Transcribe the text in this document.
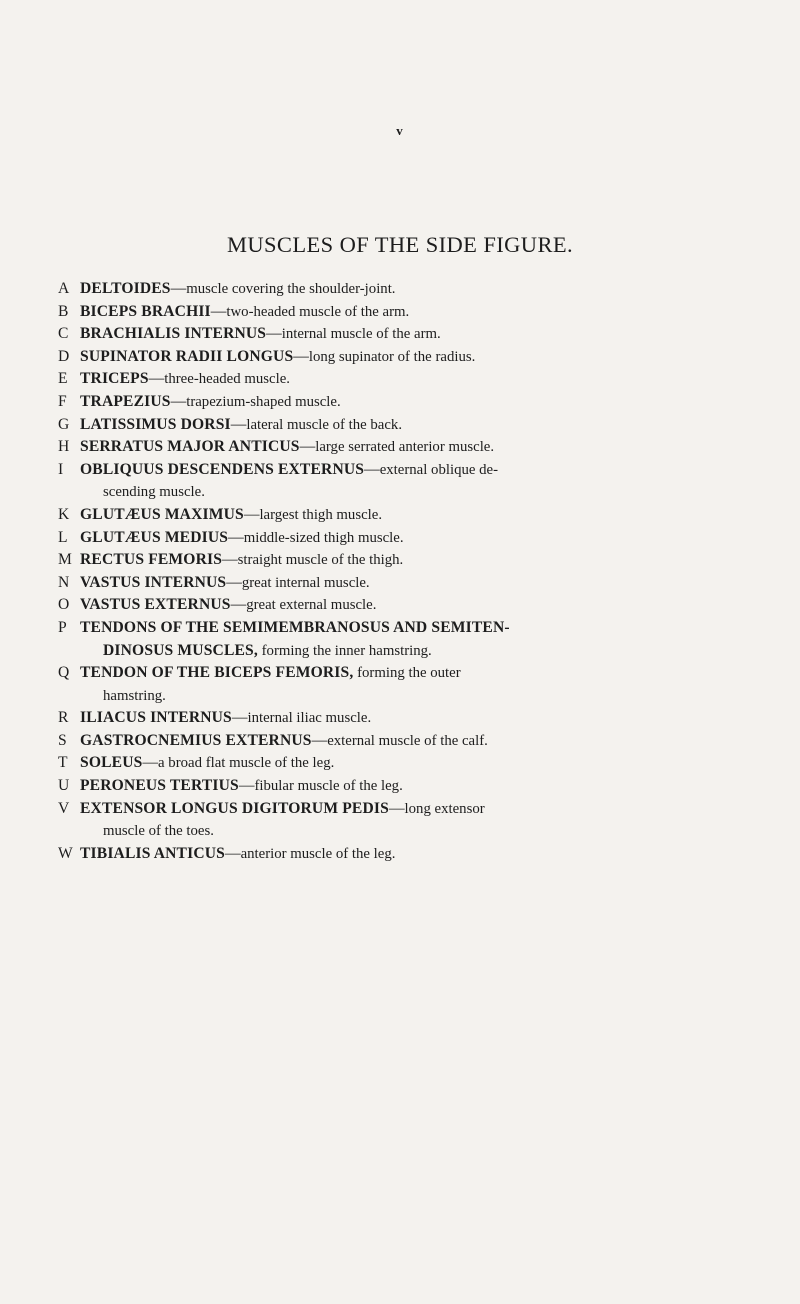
v
MUSCLES OF THE SIDE FIGURE.
A DELTOIDES—muscle covering the shoulder-joint.
B BICEPS BRACHII—two-headed muscle of the arm.
C BRACHIALIS INTERNUS—internal muscle of the arm.
D SUPINATOR RADII LONGUS—long supinator of the radius.
E TRICEPS—three-headed muscle.
F TRAPEZIUS—trapezium-shaped muscle.
G LATISSIMUS DORSI—lateral muscle of the back.
H SERRATUS MAJOR ANTICUS—large serrated anterior muscle.
I	OBLIQUUS DESCENDENS EXTERNUS—external oblique de-
scending muscle.
K GLUTÆUS MAXIMUS—largest thigh muscle.
L GLUTÆUS MEDIUS—middle-sized thigh muscle.
M RECTUS FEMORIS—straight muscle of the thigh.
N VASTUS INTERNUS—great internal muscle.
O VASTUS EXTERNUS—great external muscle.
P TENDONS OF THE SEMIMEMBRANOSUS AND SEMITEN-
DINOSUS MUSCLES, forming the inner hamstring.
Q TENDON OF THE BICEPS FEMORIS, forming the outer
hamstring.
R ILIACUS INTERNUS—internal iliac muscle.
S GASTROCNEMIUS EXTERNUS—external muscle of the calf.
T SOLEUS—a broad flat muscle of the leg.
U PERONEUS TERTIUS—fibular muscle of the leg.
V EXTENSOR LONGUS DIGITORUM PEDIS—long extensor
muscle of the toes.
W TIBIALIS ANTICUS—anterior muscle of the leg.
